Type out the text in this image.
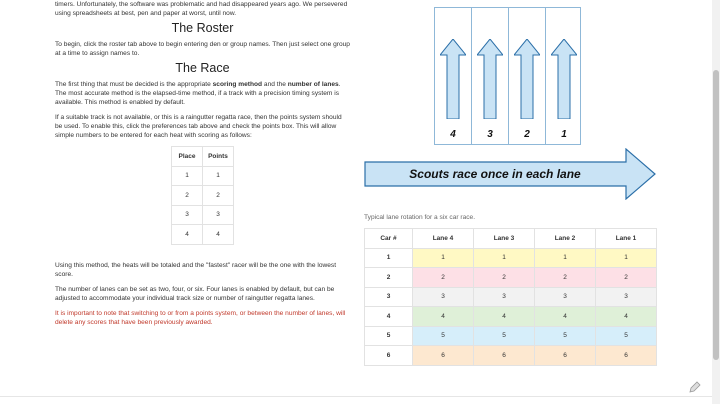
timers. Unfortunately, the software was problematic and had disappeared years ago. We persevered using spreadsheets at best, pen and paper at worst, until now.

The Roster

To begin, click the roster tab above to begin entering den or group names. Then just select one group at a time to assign names to.

The Race

The first thing that must be decided is the appropriate scoring method and the number of lanes. The most accurate method is the elapsed-time method, if a track with a precision timing system is available. This method is enabled by default.

If a suitable track is not available, or this is a raingutter regatta race, then the points system should be used. To enable this, click the preferences tab above and check the points box. This will allow simple numbers to be entered for each heat with scoring as follows:

Place	Points
1	1
2	2
3	3
4	4

Using this method, the heats will be totaled and the "fastest" racer will be the one with the lowest score.

The number of lanes can be set as two, four, or six. Four lanes is enabled by default, but can be adjusted to accommodate your individual track size or number of raingutter regatta lanes.

It is important to note that switching to or from a points system, or between the number of lanes, will delete any scores that have been previously awarded.

4	3	2	1
Scouts race once in each lane
Typical lane rotation for a six car race.
Car #	Lane 4	Lane 3	Lane 2	Lane 1
1	1	1	1	1
2	2	2	2	2
3	3	3	3	3
4	4	4	4	4
5	5	5	5	5
6	6	6	6	6
